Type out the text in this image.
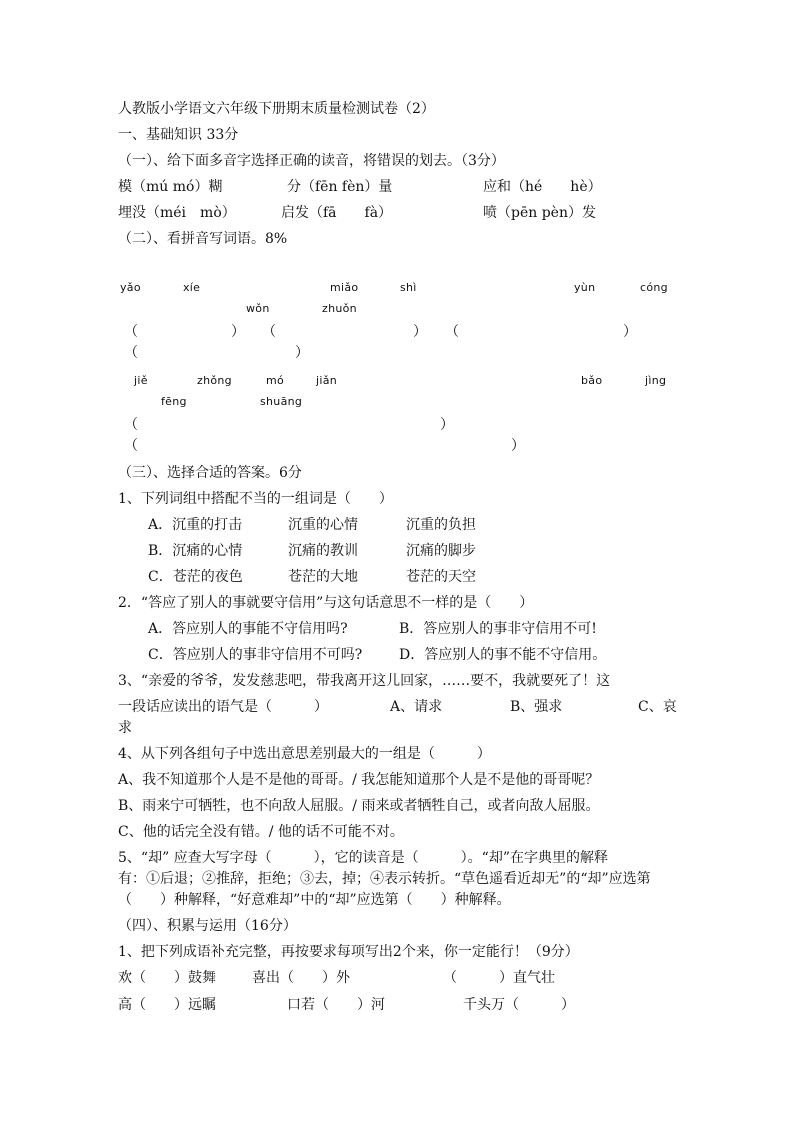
人教版小学语文六年级下册期末质量检测试卷（2）
一、基础知识 33分
（一）、给下面多音字选择正确的读音，将错误的划去。（3分）
模（mú mó）糊	分（fēn fèn）量	应和（hé　　hè）
埋没（méi　mò）	启发（fā　　fà）	喷（pēn pèn）发
（二）、看拼音写词语。8%
yǎo	xíe	miǎo	shì	yùn	cóng
wǒn	zhuǒn
（	） （	） （	）
（	）
jiě	zhǒng	mó	jiǎn	bǎo	jìng
fēng	shuāng
（	）
（	）
（三）、选择合适的答案。6分
1、下列词组中搭配不当的一组词是（　　）
A．沉重的打击	沉重的心情	沉重的负担
B．沉痛的心情	沉痛的教训	沉痛的脚步
C．苍茫的夜色	苍茫的大地	苍茫的天空
2．“答应了别人的事就要守信用”与这句话意思不一样的是（　　）
A．答应别人的事能不守信用吗?	B．答应别人的事非守信用不可!
C．答应别人的事非守信用不可吗?	D．答应别人的事不能不守信用。
3、“亲爱的爷爷，发发慈悲吧，带我离开这儿回家，……要不，我就要死了！这
一段话应读出的语气是（　　　）	A、请求	B、强求	C、哀
求
4、从下列各组句子中选出意思差别最大的一组是（　　　）
A、我不知道那个人是不是他的哥哥。/ 我怎能知道那个人是不是他的哥哥呢？
B、雨来宁可牺牲，也不向敌人屈服。/ 雨来或者牺牲自己，或者向敌人屈服。
C、他的话完全没有错。/ 他的话不可能不对。
5、“却” 应查大写字母（　　　），它的读音是（　　　）。“却”在字典里的解释
有：①后退；②推辞，拒绝；③去，掉；④表示转折。“草色遥看近却无”的“却”应选第
（　　）种解释，“好意难却”中的“却”应选第（　　）种解释。
（四）、积累与运用（16分）
1、把下列成语补充完整，再按要求每项写出2个来，你一定能行！（9分）
欢（　　）鼓舞	喜出（　　）外	（　　　）直气壮
高（　　）远瞩	口若（　　）河	千头万（　　　）
